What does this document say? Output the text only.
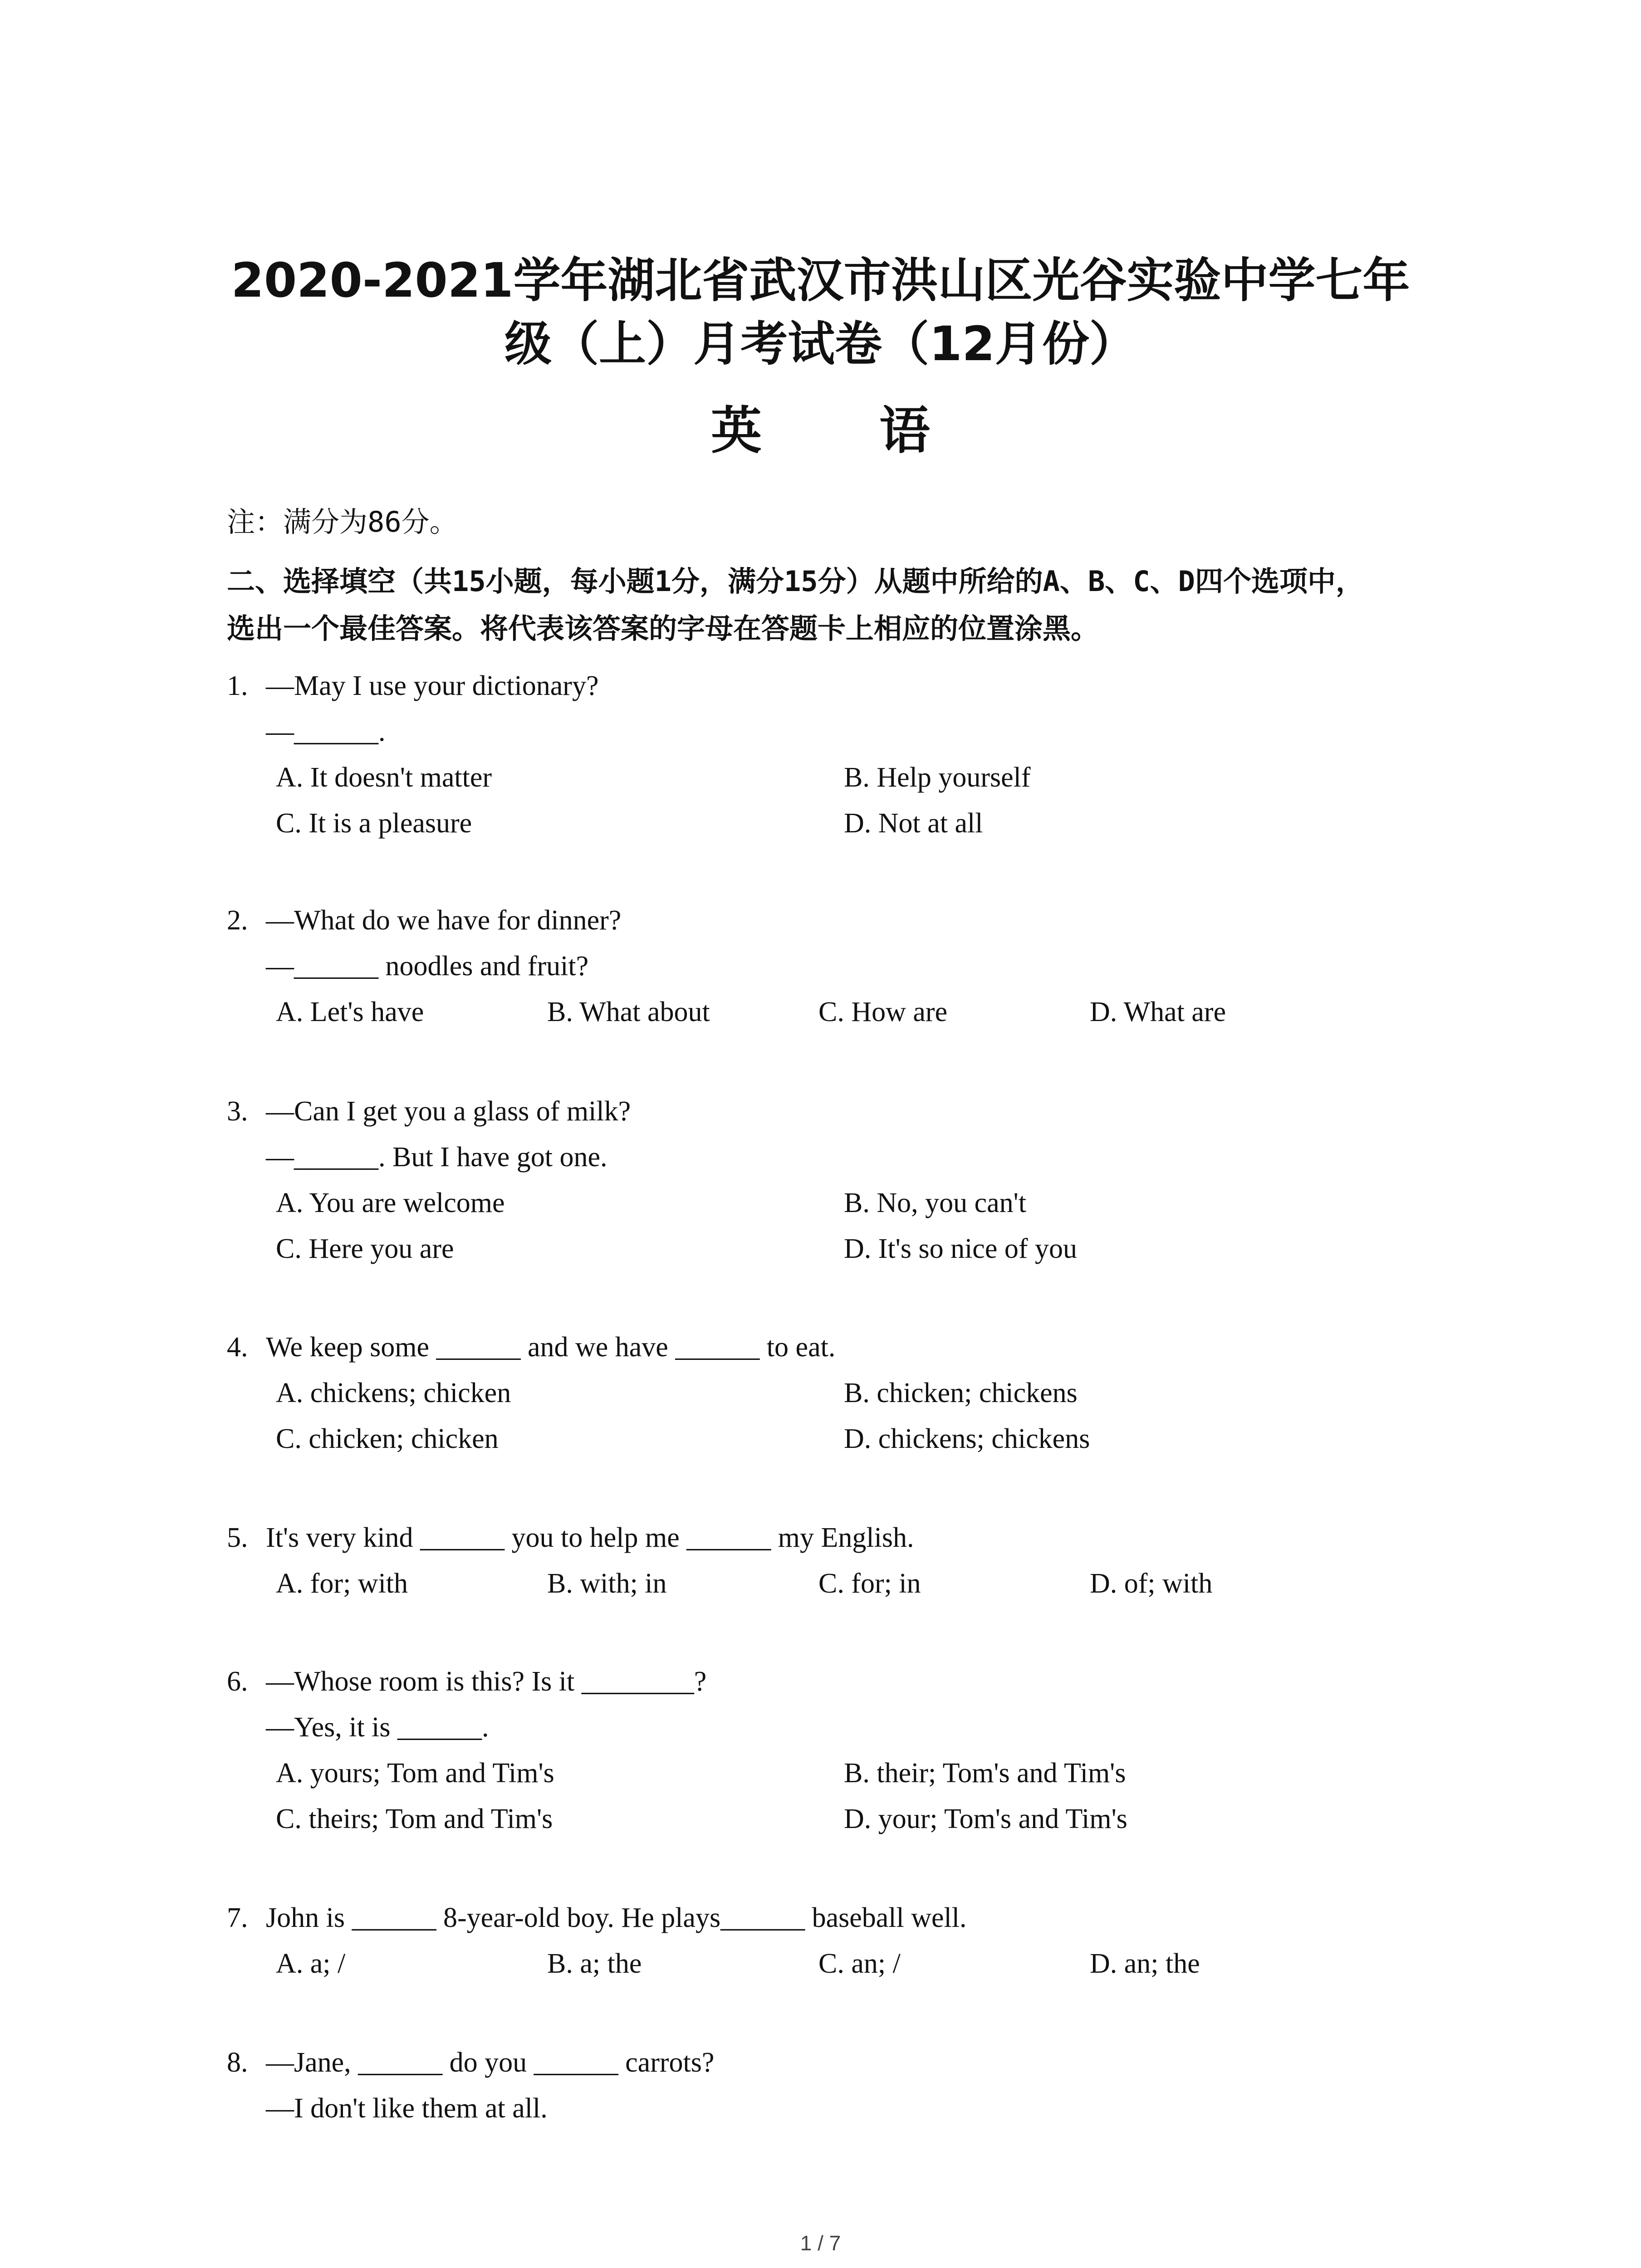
2020-2021学年湖北省武汉市洪山区光谷实验中学七年
级（上）月考试卷（12月份）
英 语
注：满分为86分。
二、选择填空（共15小题，每小题1分，满分15分）从题中所给的A、B、C、D四个选项中，
选出一个最佳答案。将代表该答案的字母在答题卡上相应的位置涂黑。
1. —May I use your dictionary?
—______.
A. It doesn't matter	B. Help yourself
C. It is a pleasure	D. Not at all
2. —What do we have for dinner?
—______ noodles and fruit?
A. Let's have	B. What about	C. How are	D. What are
3. —Can I get you a glass of milk?
—______. But I have got one.
A. You are welcome	B. No, you can't
C. Here you are	D. It's so nice of you
4. We keep some ______ and we have ______ to eat.
A. chickens; chicken	B. chicken; chickens
C. chicken; chicken	D. chickens; chickens
5. It's very kind ______ you to help me ______ my English.
A. for; with	B. with; in	C. for; in	D. of; with
6. —Whose room is this? Is it ________?
—Yes, it is ______.
A. yours; Tom and Tim's	B. their; Tom's and Tim's
C. theirs; Tom and Tim's	D. your; Tom's and Tim's
7. John is ______ 8-year-old boy. He plays______ baseball well.
A. a; /	B. a; the	C. an; /	D. an; the
8. —Jane, ______ do you ______ carrots?
—I don't like them at all.
1 / 7
